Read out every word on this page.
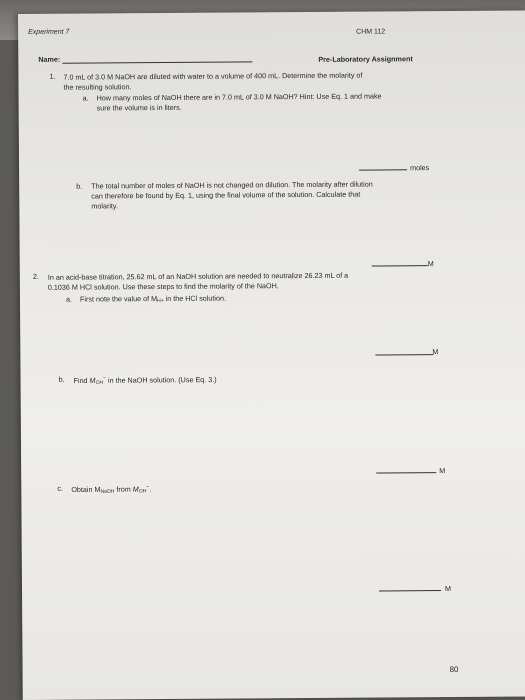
Experiment 7	CHM 112
Name:	Pre-Laboratory Assignment
1. 7.0 mL of 3.0 M NaOH are diluted with water to a volume of 400 mL. Determine the molarity of
the resulting solution.
a. How many moles of NaOH there are in 7.0 mL of 3.0 M NaOH? Hint: Use Eq. 1 and make
sure the volume is in liters.
moles
b. The total number of moles of NaOH is not changed on dilution. The molarity after dilution
can therefore be found by Eq. 1, using the final volume of the solution. Calculate that
molarity.
M
2. In an acid-base titration, 25.62 mL of an NaOH solution are needed to neutralize 26.23 mL of a
0.1036 M HCl solution. Use these steps to find the molarity of the NaOH.
a. First note the value of $M_{H+}$ in the HCl solution.
M
b. Find $M_{OH}^-$ in the NaOH solution. (Use Eq. 3.)
M
c. Obtain $M_{NaOH}$ from $M_{OH}^-$.
M
80
